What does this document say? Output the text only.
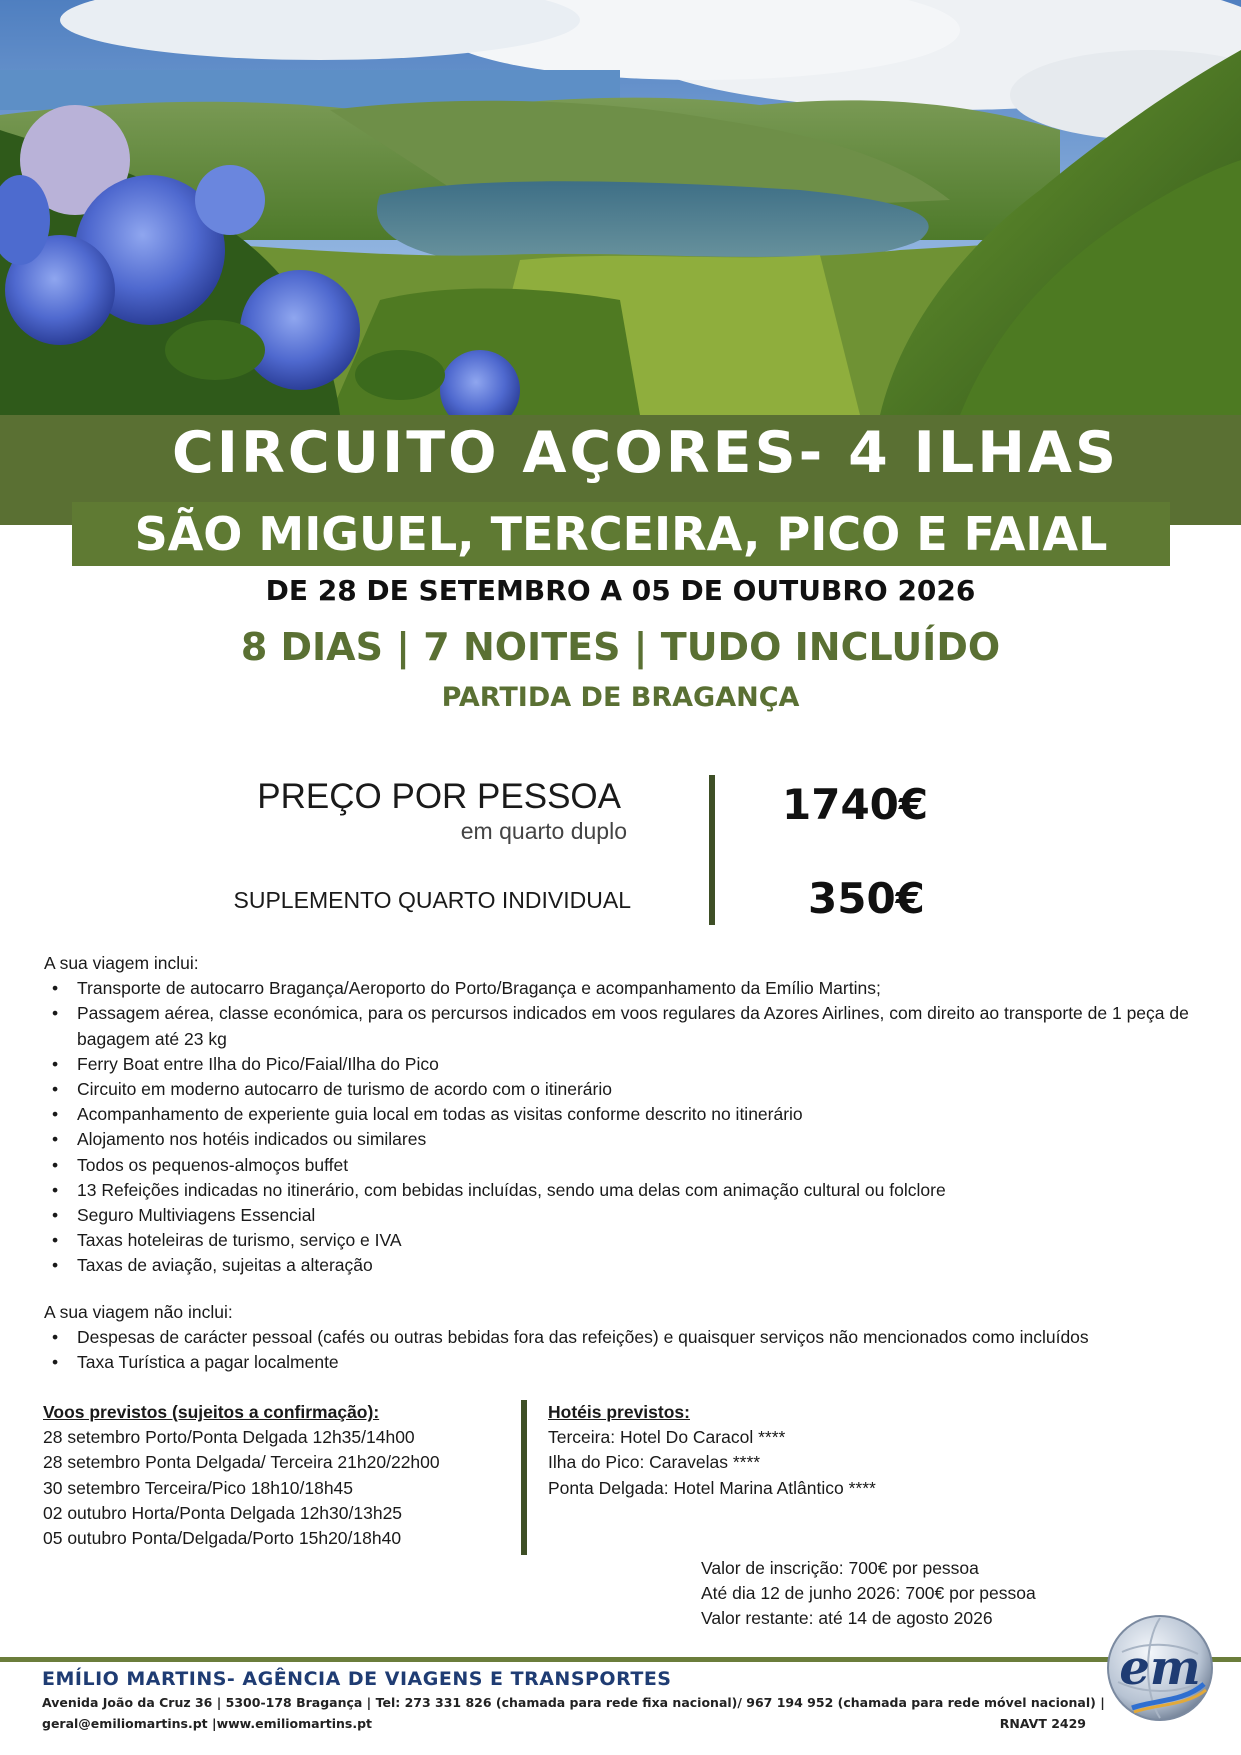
CIRCUITO AÇORES- 4 ILHAS
SÃO MIGUEL, TERCEIRA, PICO E FAIAL
DE 28 DE SETEMBRO A 05 DE OUTUBRO 2026
8 DIAS | 7 NOITES | TUDO INCLUÍDO
PARTIDA DE BRAGANÇA
PREÇO POR PESSOA
em quarto duplo
SUPLEMENTO QUARTO INDIVIDUAL
1740€
350€
A sua viagem inclui:
• Transporte de autocarro Bragança/Aeroporto do Porto/Bragança e acompanhamento da Emílio Martins;
• Passagem aérea, classe económica, para os percursos indicados em voos regulares da Azores Airlines, com direito ao transporte de 1 peça de bagagem até 23 kg
• Ferry Boat entre Ilha do Pico/Faial/Ilha do Pico
• Circuito em moderno autocarro de turismo de acordo com o itinerário
• Acompanhamento de experiente guia local em todas as visitas conforme descrito no itinerário
• Alojamento nos hotéis indicados ou similares
• Todos os pequenos-almoços buffet
• 13 Refeições indicadas no itinerário, com bebidas incluídas, sendo uma delas com animação cultural ou folclore
• Seguro Multiviagens Essencial
• Taxas hoteleiras de turismo, serviço e IVA
• Taxas de aviação, sujeitas a alteração
A sua viagem não inclui:
• Despesas de carácter pessoal (cafés ou outras bebidas fora das refeições) e quaisquer serviços não mencionados como incluídos
• Taxa Turística a pagar localmente
Voos previstos (sujeitos a confirmação):
28 setembro Porto/Ponta Delgada 12h35/14h00
28 setembro Ponta Delgada/ Terceira 21h20/22h00
30 setembro Terceira/Pico 18h10/18h45
02 outubro Horta/Ponta Delgada 12h30/13h25
05 outubro Ponta/Delgada/Porto 15h20/18h40
Hotéis previstos:
Terceira: Hotel Do Caracol ****
Ilha do Pico: Caravelas ****
Ponta Delgada: Hotel Marina Atlântico ****
Valor de inscrição: 700€ por pessoa
Até dia 12 de junho 2026: 700€ por pessoa
Valor restante: até 14 de agosto 2026
EMÍLIO MARTINS- AGÊNCIA DE VIAGENS E TRANSPORTES
Avenida João da Cruz 36 | 5300-178 Bragança | Tel: 273 331 826 (chamada para rede fixa nacional)/ 967 194 952 (chamada para rede móvel nacional) |
geral@emiliomartins.pt |www.emiliomartins.pt	RNAVT 2429
em
